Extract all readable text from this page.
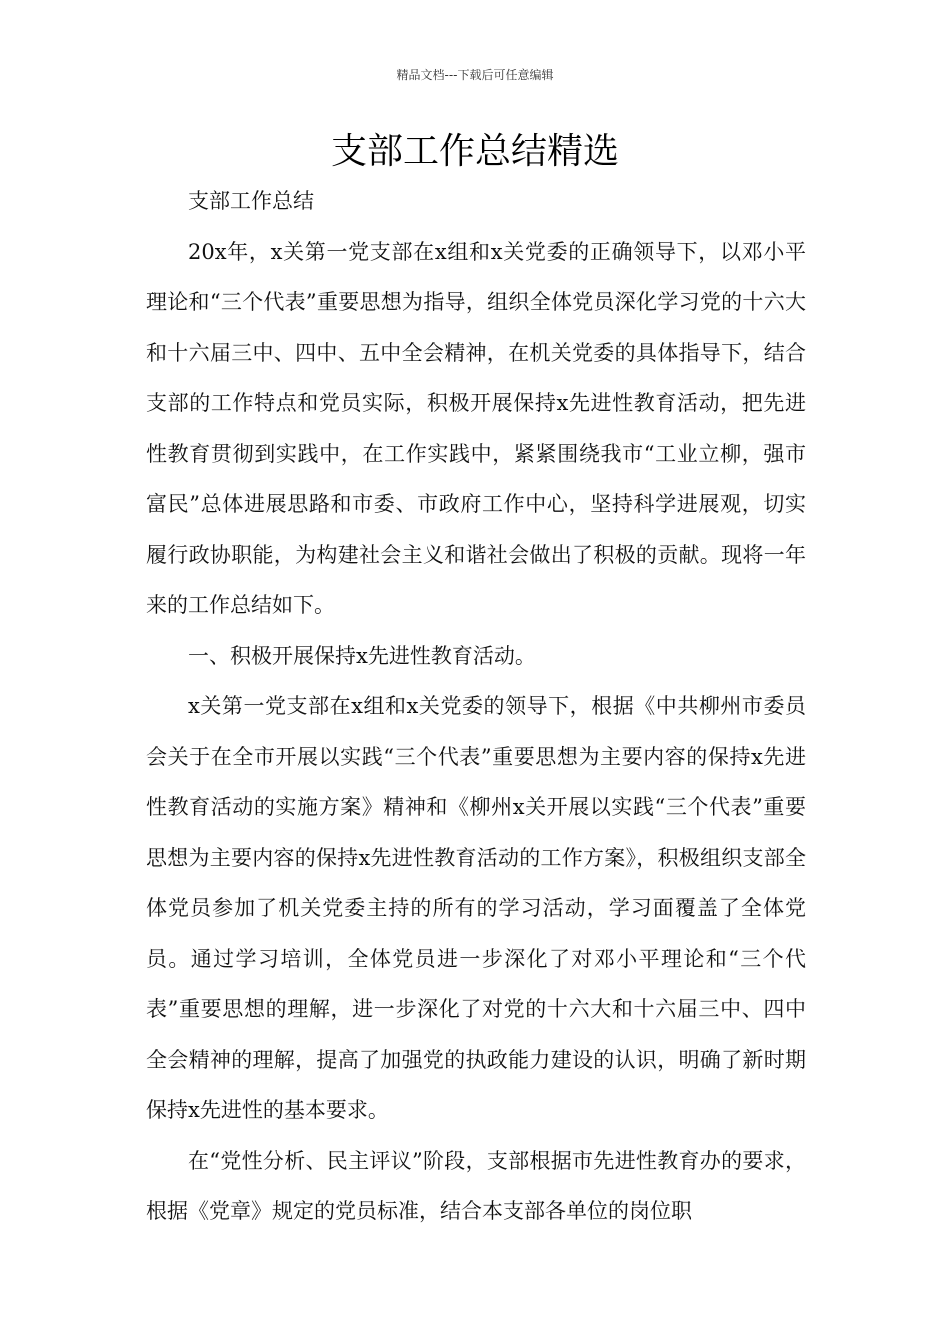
精品文档---下载后可任意编辑
支部工作总结精选

支部工作总结

20x年，x关第一党支部在x组和x关党委的正确领导下，以邓小平理论和“三个代表”重要思想为指导，组织全体党员深化学习党的十六大和十六届三中、四中、五中全会精神，在机关党委的具体指导下，结合支部的工作特点和党员实际，积极开展保持x先进性教育活动，把先进性教育贯彻到实践中，在工作实践中，紧紧围绕我市“工业立柳，强市富民”总体进展思路和市委、市政府工作中心，坚持科学进展观，切实履行政协职能，为构建社会主义和谐社会做出了积极的贡献。现将一年来的工作总结如下。

一、积极开展保持x先进性教育活动。

x关第一党支部在x组和x关党委的领导下，根据《中共柳州市委员会关于在全市开展以实践“三个代表”重要思想为主要内容的保持x先进性教育活动的实施方案》精神和《柳州x关开展以实践“三个代表”重要思想为主要内容的保持x先进性教育活动的工作方案》，积极组织支部全体党员参加了机关党委主持的所有的学习活动，学习面覆盖了全体党员。通过学习培训，全体党员进一步深化了对邓小平理论和“三个代表”重要思想的理解，进一步深化了对党的十六大和十六届三中、四中全会精神的理解，提高了加强党的执政能力建设的认识，明确了新时期保持x先进性的基本要求。

在“党性分析、民主评议”阶段，支部根据市先进性教育办的要求，根据《党章》规定的党员标准，结合本支部各单位的岗位职
